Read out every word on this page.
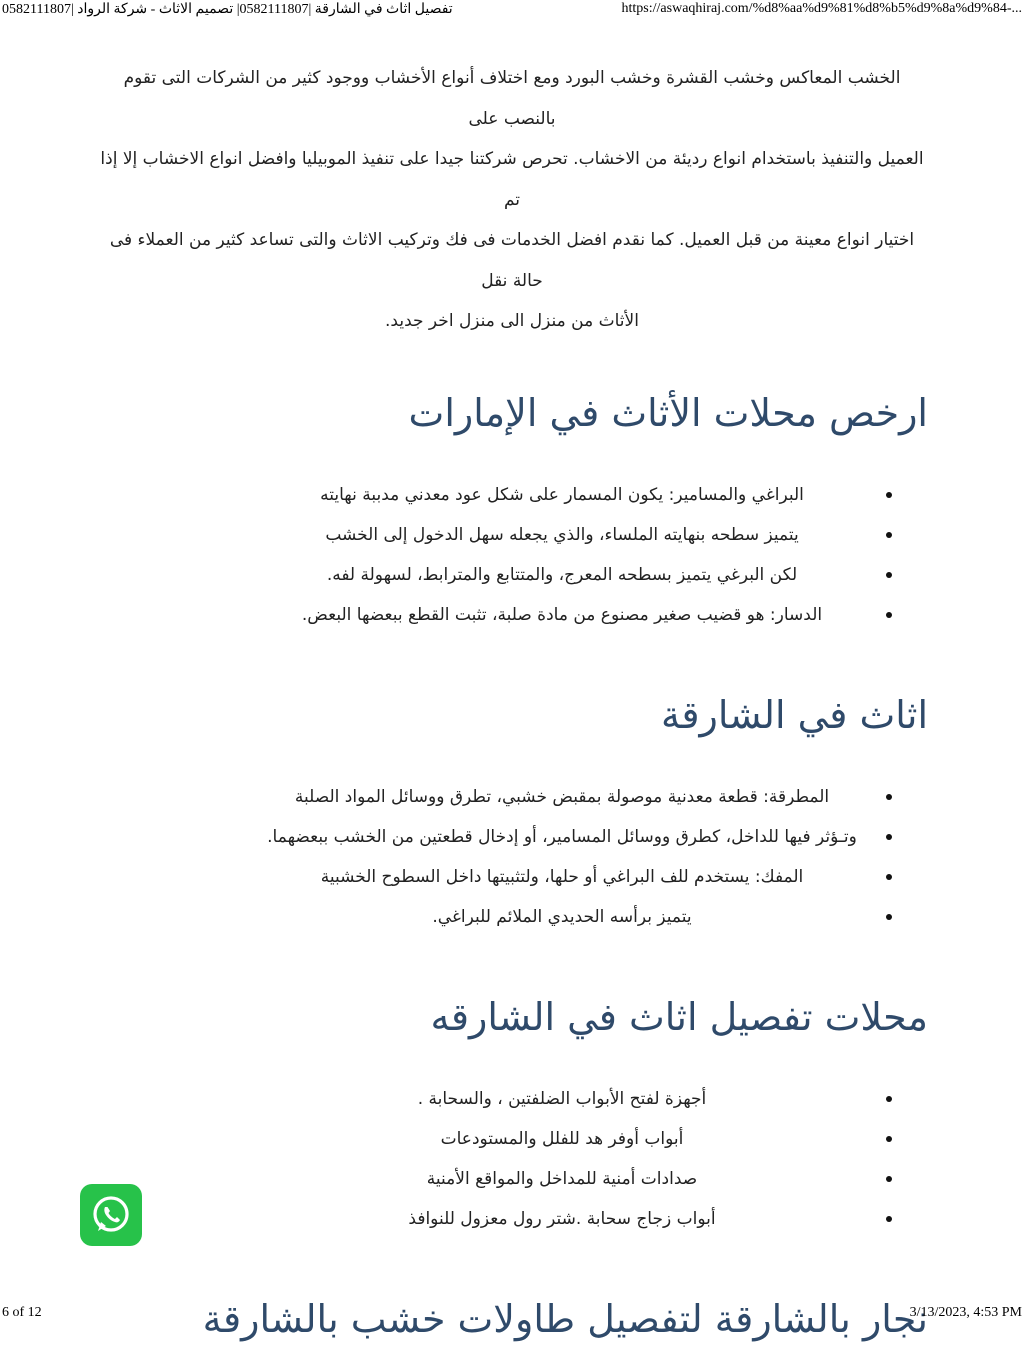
تفصيل اثاث في الشارقة |0582111807| تصميم الاثاث - شركة الرواد |0582111807	https://aswaqhiraj.com/%d8%aa%d9%81%d8%b5%d9%8a%d9%84-...

الخشب المعاكس وخشب القشرة وخشب البورد ومع اختلاف أنواع الأخشاب ووجود كثير من الشركات التى تقوم بالنصب على
العميل والتنفيذ باستخدام انواع رديئة من الاخشاب. تحرص شركتنا جيدا على تنفيذ الموبيليا وافضل انواع الاخشاب إلا إذا تم
اختيار انواع معينة من قبل العميل. كما نقدم افضل الخدمات فى فك وتركيب الاثاث والتى تساعد كثير من العملاء فى حالة نقل
الأثاث من منزل الى منزل اخر جديد.

ارخص محلات الأثاث في الإمارات
البراغي والمسامير: يكون المسمار على شكل عود معدني مدببة نهايته
يتميز سطحه بنهايته الملساء، والذي يجعله سهل الدخول إلى الخشب
لكن البرغي يتميز بسطحه المعرج، والمتتابع والمترابط، لسهولة لفه.
الدسار: هو قضيب صغير مصنوع من مادة صلبة، تثبت القطع ببعضها البعض.
اثاث في الشارقة
المطرقة: قطعة معدنية موصولة بمقبض خشبي، تطرق ووسائل المواد الصلبة
وتـؤثر فيها للداخل، كطرق ووسائل المسامير، أو إدخال قطعتين من الخشب ببعضهما.
المفك: يستخدم للف البراغي أو حلها، ولتثبيتها داخل السطوح الخشبية
يتميز برأسه الحديدي الملائم للبراغي.
محلات تفصيل اثاث في الشارقه
أجهزة لفتح الأبواب الضلفتين ، والسحابة .
أبواب أوفر هد للفلل والمستودعات
صدادات أمنية للمداخل والمواقع الأمنية
أبواب زجاج سحابة .شتر رول معزول للنوافذ
نجار بالشارقة لتفصيل طاولات خشب بالشارقة
6 of 12	3/13/2023, 4:53 PM
